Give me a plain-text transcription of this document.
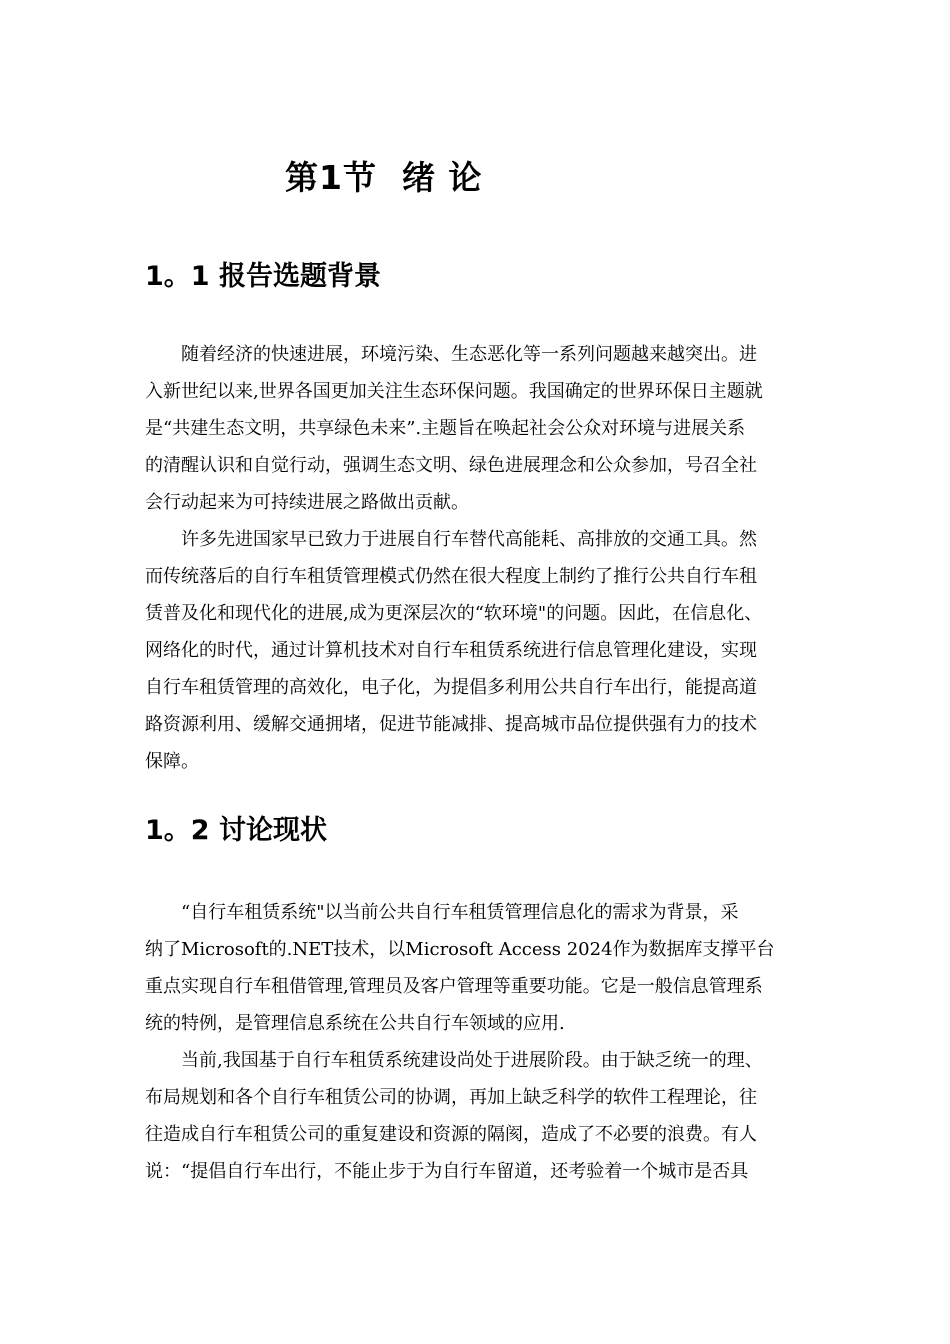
第1节  绪 论
1。1 报告选题背景
随着经济的快速进展，环境污染、生态恶化等一系列问题越来越突出。进
入新世纪以来,世界各国更加关注生态环保问题。我国确定的世界环保日主题就
是“共建生态文明，共享绿色未来”.主题旨在唤起社会公众对环境与进展关系
的清醒认识和自觉行动，强调生态文明、绿色进展理念和公众参加，号召全社
会行动起来为可持续进展之路做出贡献。
许多先进国家早已致力于进展自行车替代高能耗、高排放的交通工具。然
而传统落后的自行车租赁管理模式仍然在很大程度上制约了推行公共自行车租
赁普及化和现代化的进展,成为更深层次的“软环境"的问题。因此，在信息化、
网络化的时代，通过计算机技术对自行车租赁系统进行信息管理化建设，实现
自行车租赁管理的高效化，电子化，为提倡多利用公共自行车出行，能提高道
路资源利用、缓解交通拥堵，促进节能减排、提高城市品位提供强有力的技术
保障。
1。2 讨论现状
“自行车租赁系统"以当前公共自行车租赁管理信息化的需求为背景，采
纳了Microsoft的.NET技术，以Microsoft Access 2024作为数据库支撑平台
重点实现自行车租借管理,管理员及客户管理等重要功能。它是一般信息管理系
统的特例，是管理信息系统在公共自行车领域的应用.
当前,我国基于自行车租赁系统建设尚处于进展阶段。由于缺乏统一的理、
布局规划和各个自行车租赁公司的协调，再加上缺乏科学的软件工程理论，往
往造成自行车租赁公司的重复建设和资源的隔阂，造成了不必要的浪费。有人
说：“提倡自行车出行，不能止步于为自行车留道，还考验着一个城市是否具
